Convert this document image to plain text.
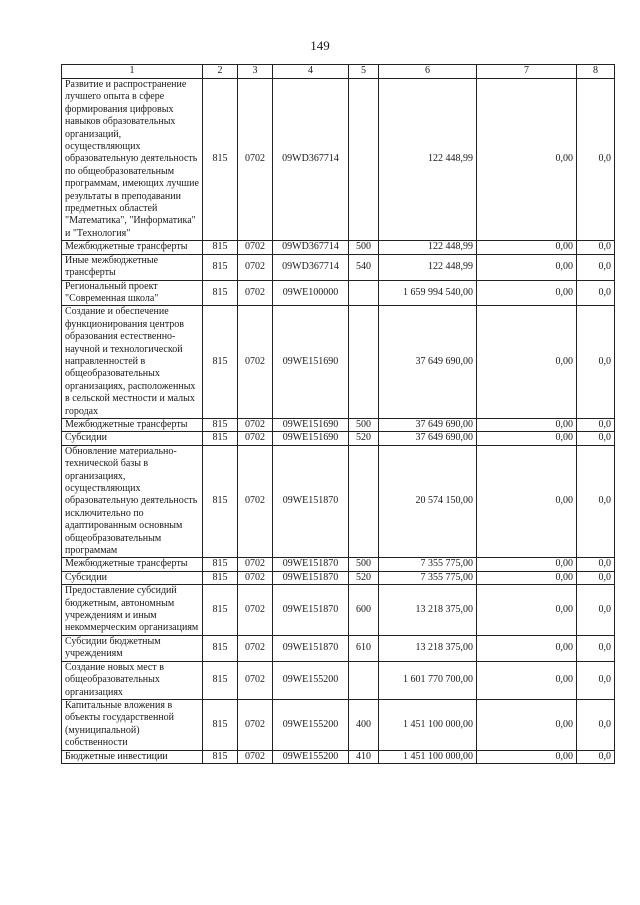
149
1	2	3	4	5	6	7	8
Развитие и распространение лучшего опыта в сфере формирования цифровых навыков образовательных организаций, осуществляющих образовательную деятельность по общеобразовательным программам, имеющих лучшие результаты в преподавании предметных областей "Математика", "Информатика" и "Технология"	815	0702	09WD367714		122 448,99	0,00	0,0
Межбюджетные трансферты	815	0702	09WD367714	500	122 448,99	0,00	0,0
Иные межбюджетные трансферты	815	0702	09WD367714	540	122 448,99	0,00	0,0
Региональный проект "Современная школа"	815	0702	09WE100000		1 659 994 540,00	0,00	0,0
Создание и обеспечение функционирования центров образования естественно-научной и технологической направленностей в общеобразовательных организациях, расположенных в сельской местности и малых городах	815	0702	09WE151690		37 649 690,00	0,00	0,0
Межбюджетные трансферты	815	0702	09WE151690	500	37 649 690,00	0,00	0,0
Субсидии	815	0702	09WE151690	520	37 649 690,00	0,00	0,0
Обновление материально-технической базы в организациях, осуществляющих образовательную деятельность исключительно по адаптированным основным общеобразовательным программам	815	0702	09WE151870		20 574 150,00	0,00	0,0
Межбюджетные трансферты	815	0702	09WE151870	500	7 355 775,00	0,00	0,0
Субсидии	815	0702	09WE151870	520	7 355 775,00	0,00	0,0
Предоставление субсидий бюджетным, автономным учреждениям и иным некоммерческим организациям	815	0702	09WE151870	600	13 218 375,00	0,00	0,0
Субсидии бюджетным учреждениям	815	0702	09WE151870	610	13 218 375,00	0,00	0,0
Создание новых мест в общеобразовательных организациях	815	0702	09WE155200		1 601 770 700,00	0,00	0,0
Капитальные вложения в объекты государственной (муниципальной) собственности	815	0702	09WE155200	400	1 451 100 000,00	0,00	0,0
Бюджетные инвестиции	815	0702	09WE155200	410	1 451 100 000,00	0,00	0,0
